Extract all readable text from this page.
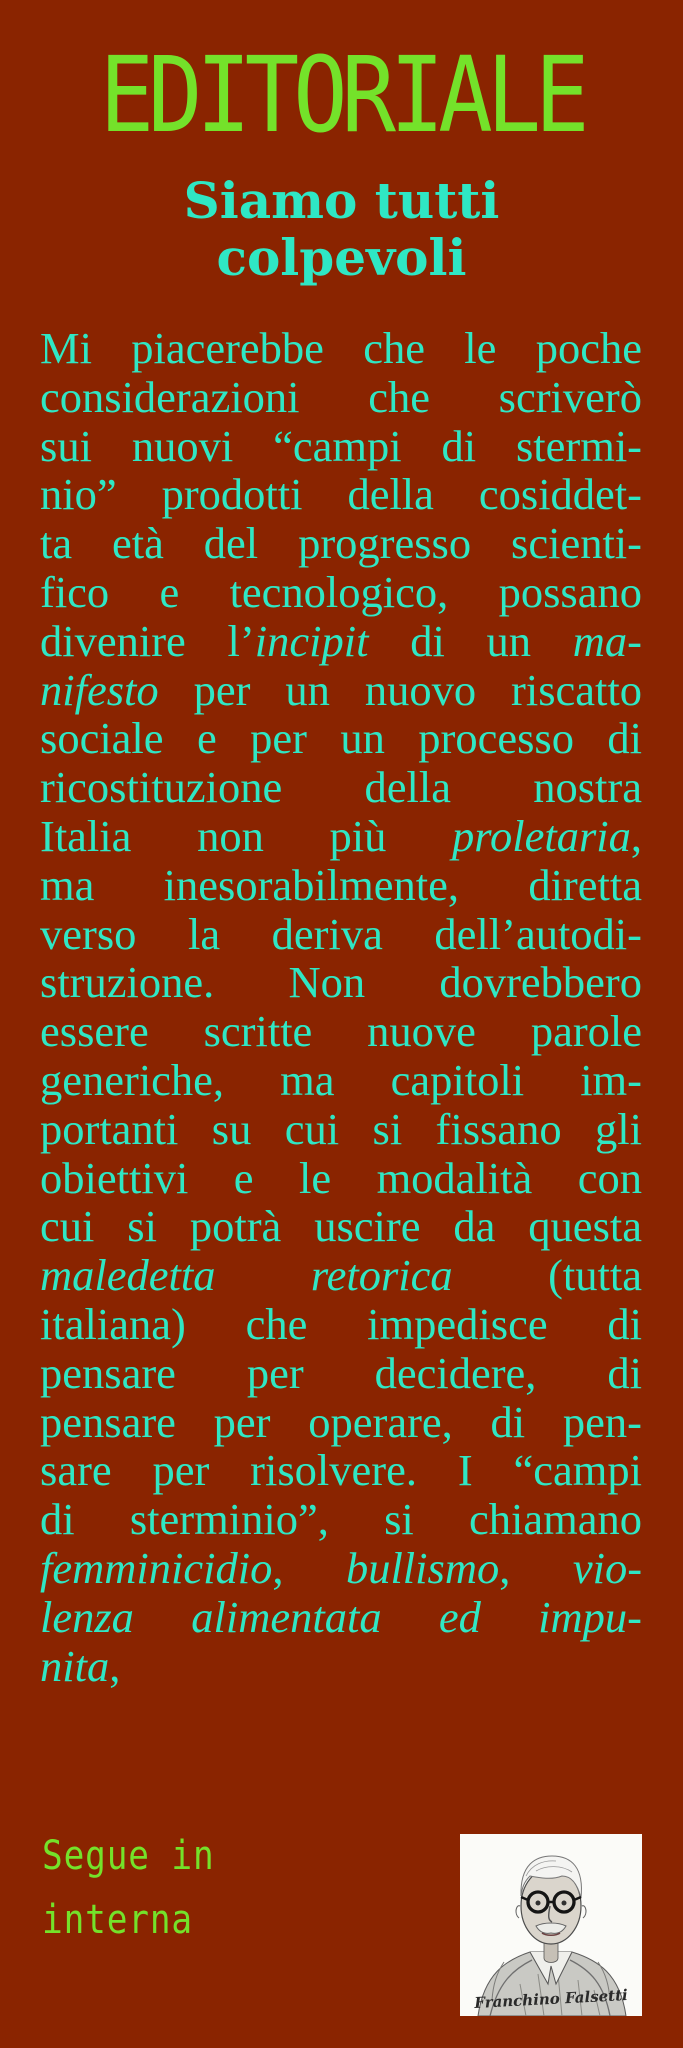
EDITORIALE
Siamo tutti
colpevoli
Mi piacerebbe che le poche
considerazioni che scriverò
sui nuovi “campi di stermi-
nio” prodotti della cosiddet-
ta età del progresso scienti-
fico e tecnologico, possano
divenire l’incipit di un ma-
nifesto per un nuovo riscatto
sociale e per un processo di
ricostituzione della nostra
Italia non più proletaria,
ma inesorabilmente, diretta
verso la deriva dell’autodi-
struzione. Non dovrebbero
essere scritte nuove parole
generiche, ma capitoli im-
portanti su cui si fissano gli
obiettivi e le modalità con
cui si potrà uscire da questa
maledetta retorica (tutta
italiana) che impedisce di
pensare per decidere, di
pensare per operare, di pen-
sare per risolvere. I “campi
di sterminio”, si chiamano
femminicidio, bullismo, vio-
lenza alimentata ed impu-
nita,
Segue in
interna
Franchino Falsetti
